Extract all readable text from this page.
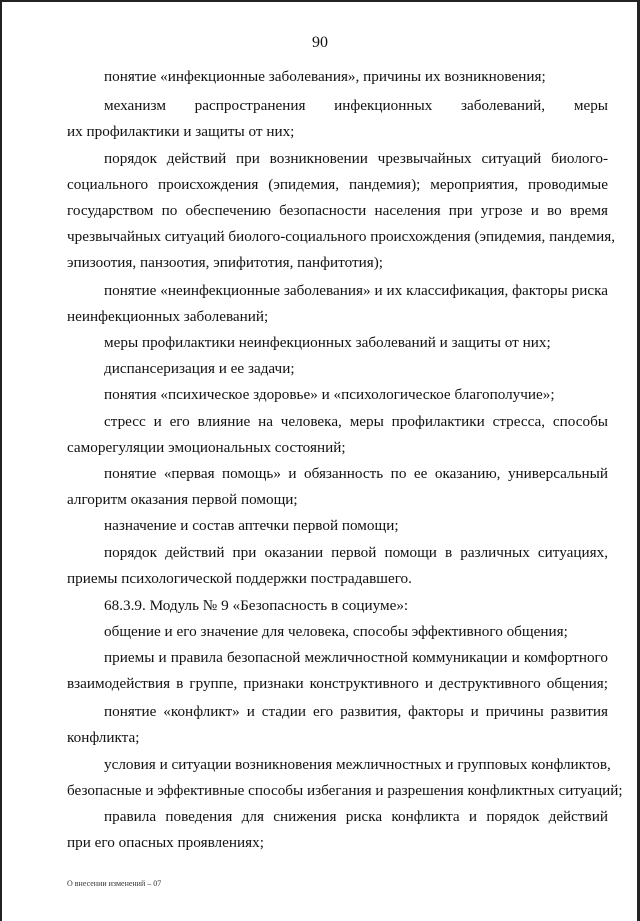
90
понятие «инфекционные заболевания», причины их возникновения;
механизм распространения инфекционных заболеваний, меры
их профилактики и защиты от них;
порядок действий при возникновении чрезвычайных ситуаций биолого-
социального происхождения (эпидемия, пандемия); мероприятия, проводимые
государством по обеспечению безопасности населения при угрозе и во время
чрезвычайных ситуаций биолого-социального происхождения (эпидемия, пандемия,
эпизоотия, панзоотия, эпифитотия, панфитотия);
понятие «неинфекционные заболевания» и их классификация, факторы риска
неинфекционных заболеваний;
меры профилактики неинфекционных заболеваний и защиты от них;
диспансеризация и ее задачи;
понятия «психическое здоровье» и «психологическое благополучие»;
стресс и его влияние на человека, меры профилактики стресса, способы
саморегуляции эмоциональных состояний;
понятие «первая помощь» и обязанность по ее оказанию, универсальный
алгоритм оказания первой помощи;
назначение и состав аптечки первой помощи;
порядок действий при оказании первой помощи в различных ситуациях,
приемы психологической поддержки пострадавшего.
68.3.9. Модуль № 9 «Безопасность в социуме»:
общение и его значение для человека, способы эффективного общения;
приемы и правила безопасной межличностной коммуникации и комфортного
взаимодействия в группе, признаки конструктивного и деструктивного общения;
понятие «конфликт» и стадии его развития, факторы и причины развития
конфликта;
условия и ситуации возникновения межличностных и групповых конфликтов,
безопасные и эффективные способы избегания и разрешения конфликтных ситуаций;
правила поведения для снижения риска конфликта и порядок действий
при его опасных проявлениях;
О внесении изменений – 07
